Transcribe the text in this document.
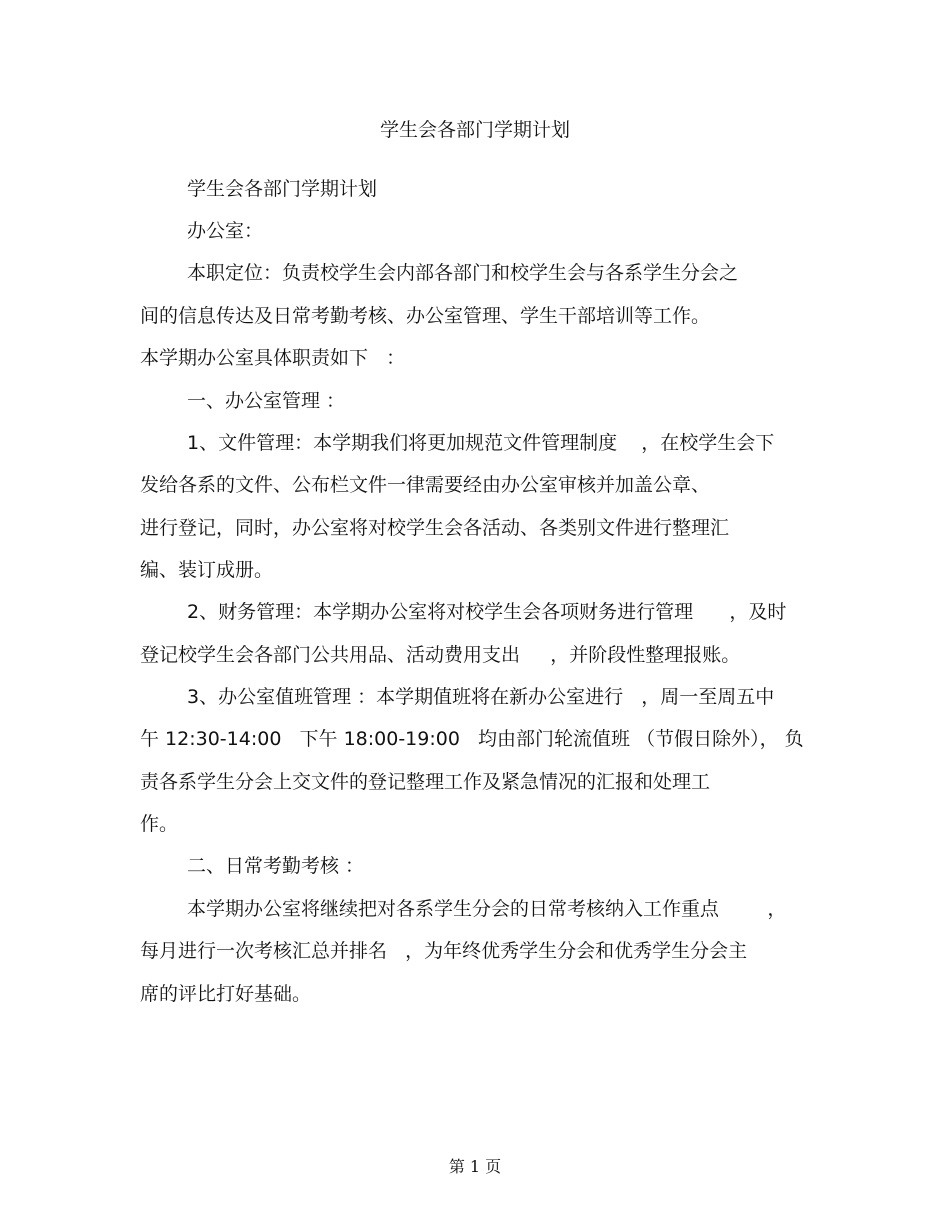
学生会各部门学期计划
学生会各部门学期计划
办公室：
本职定位：负责校学生会内部各部门和校学生会与各系学生分会之
间的信息传达及日常考勤考核、办公室管理、学生干部培训等工作。
本学期办公室具体职责如下   ：
一、办公室管理 ：
1、文件管理：本学期我们将更加规范文件管理制度    ，在校学生会下
发给各系的文件、公布栏文件一律需要经由办公室审核并加盖公章、
进行登记，同时，办公室将对校学生会各活动、各类别文件进行整理汇
编、装订成册。
2、财务管理：本学期办公室将对校学生会各项财务进行管理      ，及时
登记校学生会各部门公共用品、活动费用支出     ，并阶段性整理报账。
3、办公室值班管理 ：本学期值班将在新办公室进行   ，周一至周五中
午 12:30-14:00   下午 18:00-19:00   均由部门轮流值班 （节假日除外）， 负
责各系学生分会上交文件的登记整理工作及紧急情况的汇报和处理工
作。
二、日常考勤考核 ：
本学期办公室将继续把对各系学生分会的日常考核纳入工作重点        ，
每月进行一次考核汇总并排名   ，为年终优秀学生分会和优秀学生分会主
席的评比打好基础。
第 1 页
